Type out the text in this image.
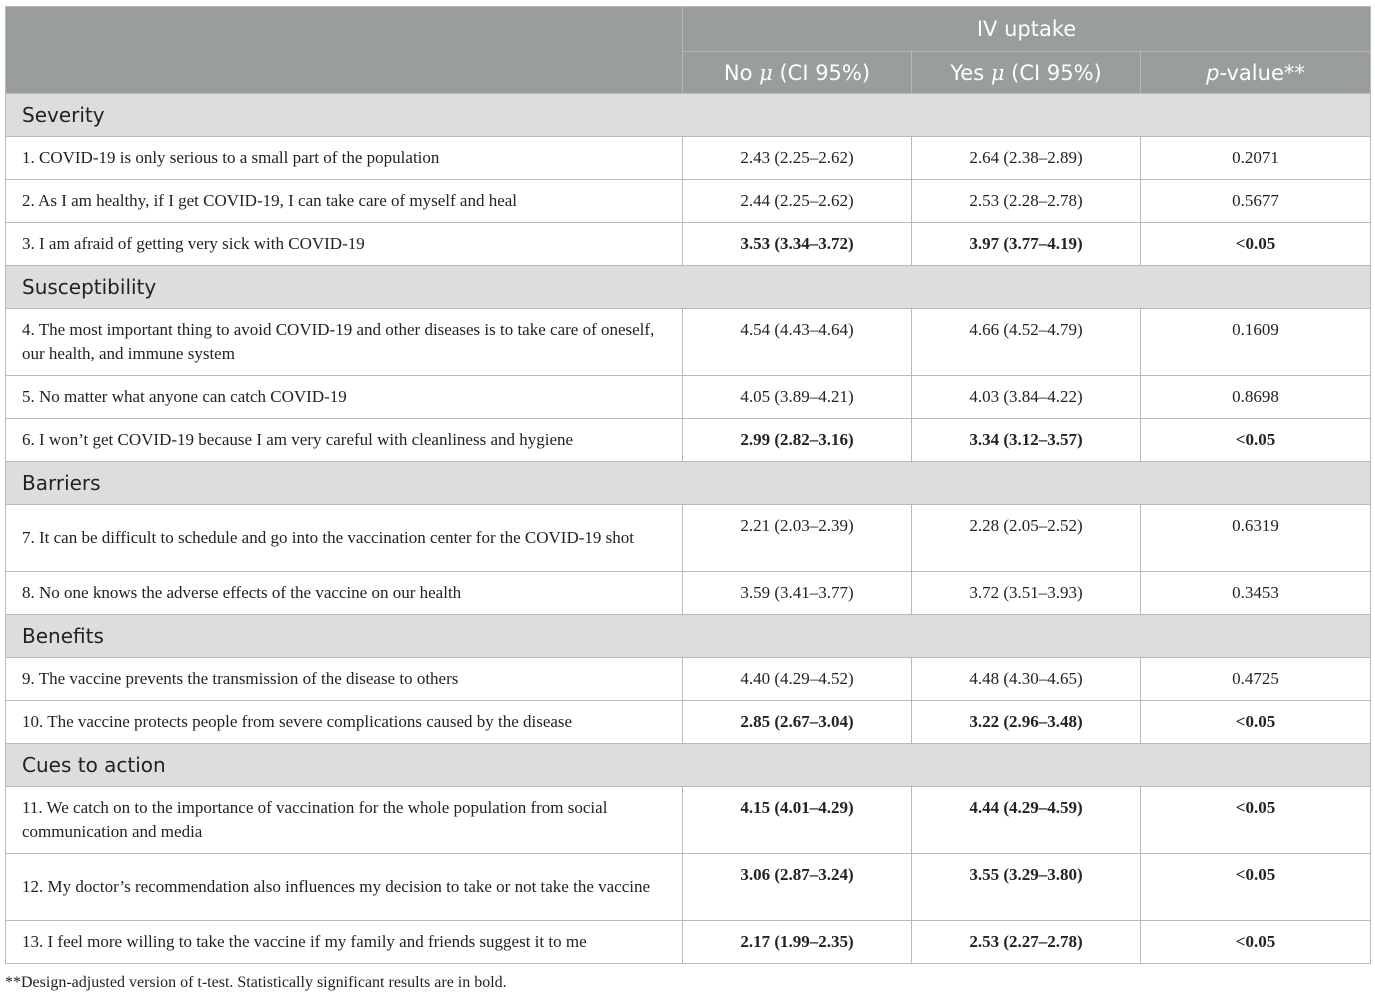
	IV uptake		
	No μ (CI 95%)	Yes μ (CI 95%)	p-value**
Severity			
1. COVID-19 is only serious to a small part of the population	2.43 (2.25–2.62)	2.64 (2.38–2.89)	0.2071
2. As I am healthy, if I get COVID-19, I can take care of myself and heal	2.44 (2.25–2.62)	2.53 (2.28–2.78)	0.5677
3. I am afraid of getting very sick with COVID-19	3.53 (3.34–3.72)	3.97 (3.77–4.19)	<0.05
Susceptibility			
4. The most important thing to avoid COVID-19 and other diseases is to take care of oneself, our health, and immune system	4.54 (4.43–4.64)	4.66 (4.52–4.79)	0.1609
5. No matter what anyone can catch COVID-19	4.05 (3.89–4.21)	4.03 (3.84–4.22)	0.8698
6. I won’t get COVID-19 because I am very careful with cleanliness and hygiene	2.99 (2.82–3.16)	3.34 (3.12–3.57)	<0.05
Barriers			
7. It can be difficult to schedule and go into the vaccination center for the COVID-19 shot	2.21 (2.03–2.39)	2.28 (2.05–2.52)	0.6319
8. No one knows the adverse effects of the vaccine on our health	3.59 (3.41–3.77)	3.72 (3.51–3.93)	0.3453
Benefits			
9. The vaccine prevents the transmission of the disease to others	4.40 (4.29–4.52)	4.48 (4.30–4.65)	0.4725
10. The vaccine protects people from severe complications caused by the disease	2.85 (2.67–3.04)	3.22 (2.96–3.48)	<0.05
Cues to action			
11. We catch on to the importance of vaccination for the whole population from social communication and media	4.15 (4.01–4.29)	4.44 (4.29–4.59)	<0.05
12. My doctor’s recommendation also influences my decision to take or not take the vaccine	3.06 (2.87–3.24)	3.55 (3.29–3.80)	<0.05
13. I feel more willing to take the vaccine if my family and friends suggest it to me	2.17 (1.99–2.35)	2.53 (2.27–2.78)	<0.05
**Design-adjusted version of t-test. Statistically significant results are in bold.
